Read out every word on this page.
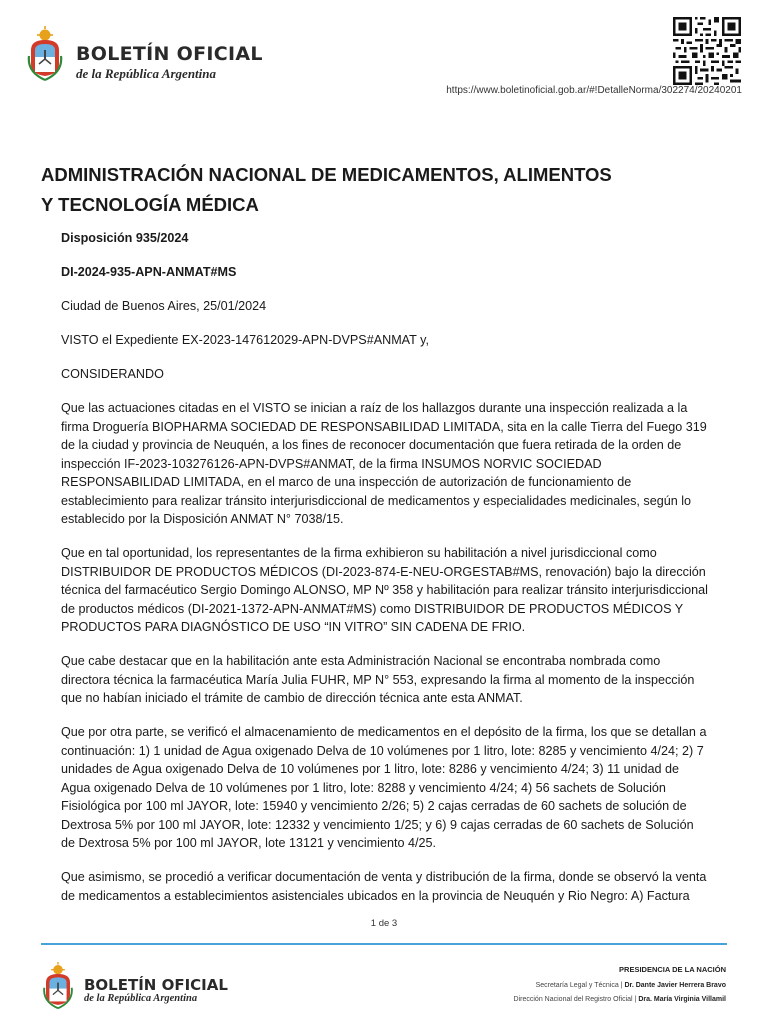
BOLETÍN OFICIAL
de la República Argentina
https://www.boletinoficial.gob.ar/#!DetalleNorma/302274/20240201
ADMINISTRACIÓN NACIONAL DE MEDICAMENTOS, ALIMENTOS
Y TECNOLOGÍA MÉDICA

Disposición 935/2024

DI-2024-935-APN-ANMAT#MS

Ciudad de Buenos Aires, 25/01/2024

VISTO el Expediente EX-2023-147612029-APN-DVPS#ANMAT y,

CONSIDERANDO

Que las actuaciones citadas en el VISTO se inician a raíz de los hallazgos durante una inspección realizada a la
firma Droguería BIOPHARMA SOCIEDAD DE RESPONSABILIDAD LIMITADA, sita en la calle Tierra del Fuego 319
de la ciudad y provincia de Neuquén, a los fines de reconocer documentación que fuera retirada de la orden de
inspección IF-2023-103276126-APN-DVPS#ANMAT, de la firma INSUMOS NORVIC SOCIEDAD
RESPONSABILIDAD LIMITADA, en el marco de una inspección de autorización de funcionamiento de
establecimiento para realizar tránsito interjurisdiccional de medicamentos y especialidades medicinales, según lo
establecido por la Disposición ANMAT N° 7038/15.

Que en tal oportunidad, los representantes de la firma exhibieron su habilitación a nivel jurisdiccional como
DISTRIBUIDOR DE PRODUCTOS MÉDICOS (DI-2023-874-E-NEU-ORGESTAB#MS, renovación) bajo la dirección
técnica del farmacéutico Sergio Domingo ALONSO, MP Nº 358 y habilitación para realizar tránsito interjurisdiccional
de productos médicos (DI-2021-1372-APN-ANMAT#MS) como DISTRIBUIDOR DE PRODUCTOS MÉDICOS Y
PRODUCTOS PARA DIAGNÓSTICO DE USO “IN VITRO” SIN CADENA DE FRIO.

Que cabe destacar que en la habilitación ante esta Administración Nacional se encontraba nombrada como
directora técnica la farmacéutica María Julia FUHR, MP N° 553, expresando la firma al momento de la inspección
que no habían iniciado el trámite de cambio de dirección técnica ante esta ANMAT.

Que por otra parte, se verificó el almacenamiento de medicamentos en el depósito de la firma, los que se detallan a
continuación: 1) 1 unidad de Agua oxigenado Delva de 10 volúmenes por 1 litro, lote: 8285 y vencimiento 4/24; 2) 7
unidades de Agua oxigenado Delva de 10 volúmenes por 1 litro, lote: 8286 y vencimiento 4/24; 3) 11 unidad de
Agua oxigenado Delva de 10 volúmenes por 1 litro, lote: 8288 y vencimiento 4/24; 4) 56 sachets de Solución
Fisiológica por 100 ml JAYOR, lote: 15940 y vencimiento 2/26; 5) 2 cajas cerradas de 60 sachets de solución de
Dextrosa 5% por 100 ml JAYOR, lote: 12332 y vencimiento 1/25; y 6) 9 cajas cerradas de 60 sachets de Solución
de Dextrosa 5% por 100 ml JAYOR, lote 13121 y vencimiento 4/25.

Que asimismo, se procedió a verificar documentación de venta y distribución de la firma, donde se observó la venta
de medicamentos a establecimientos asistenciales ubicados en la provincia de Neuquén y Rio Negro: A) Factura

1 de 3
BOLETÍN OFICIAL
de la República Argentina
PRESIDENCIA DE LA NACIÓN
Secretaría Legal y Técnica | Dr. Dante Javier Herrera Bravo
Dirección Nacional del Registro Oficial | Dra. María Virginia Villamil
